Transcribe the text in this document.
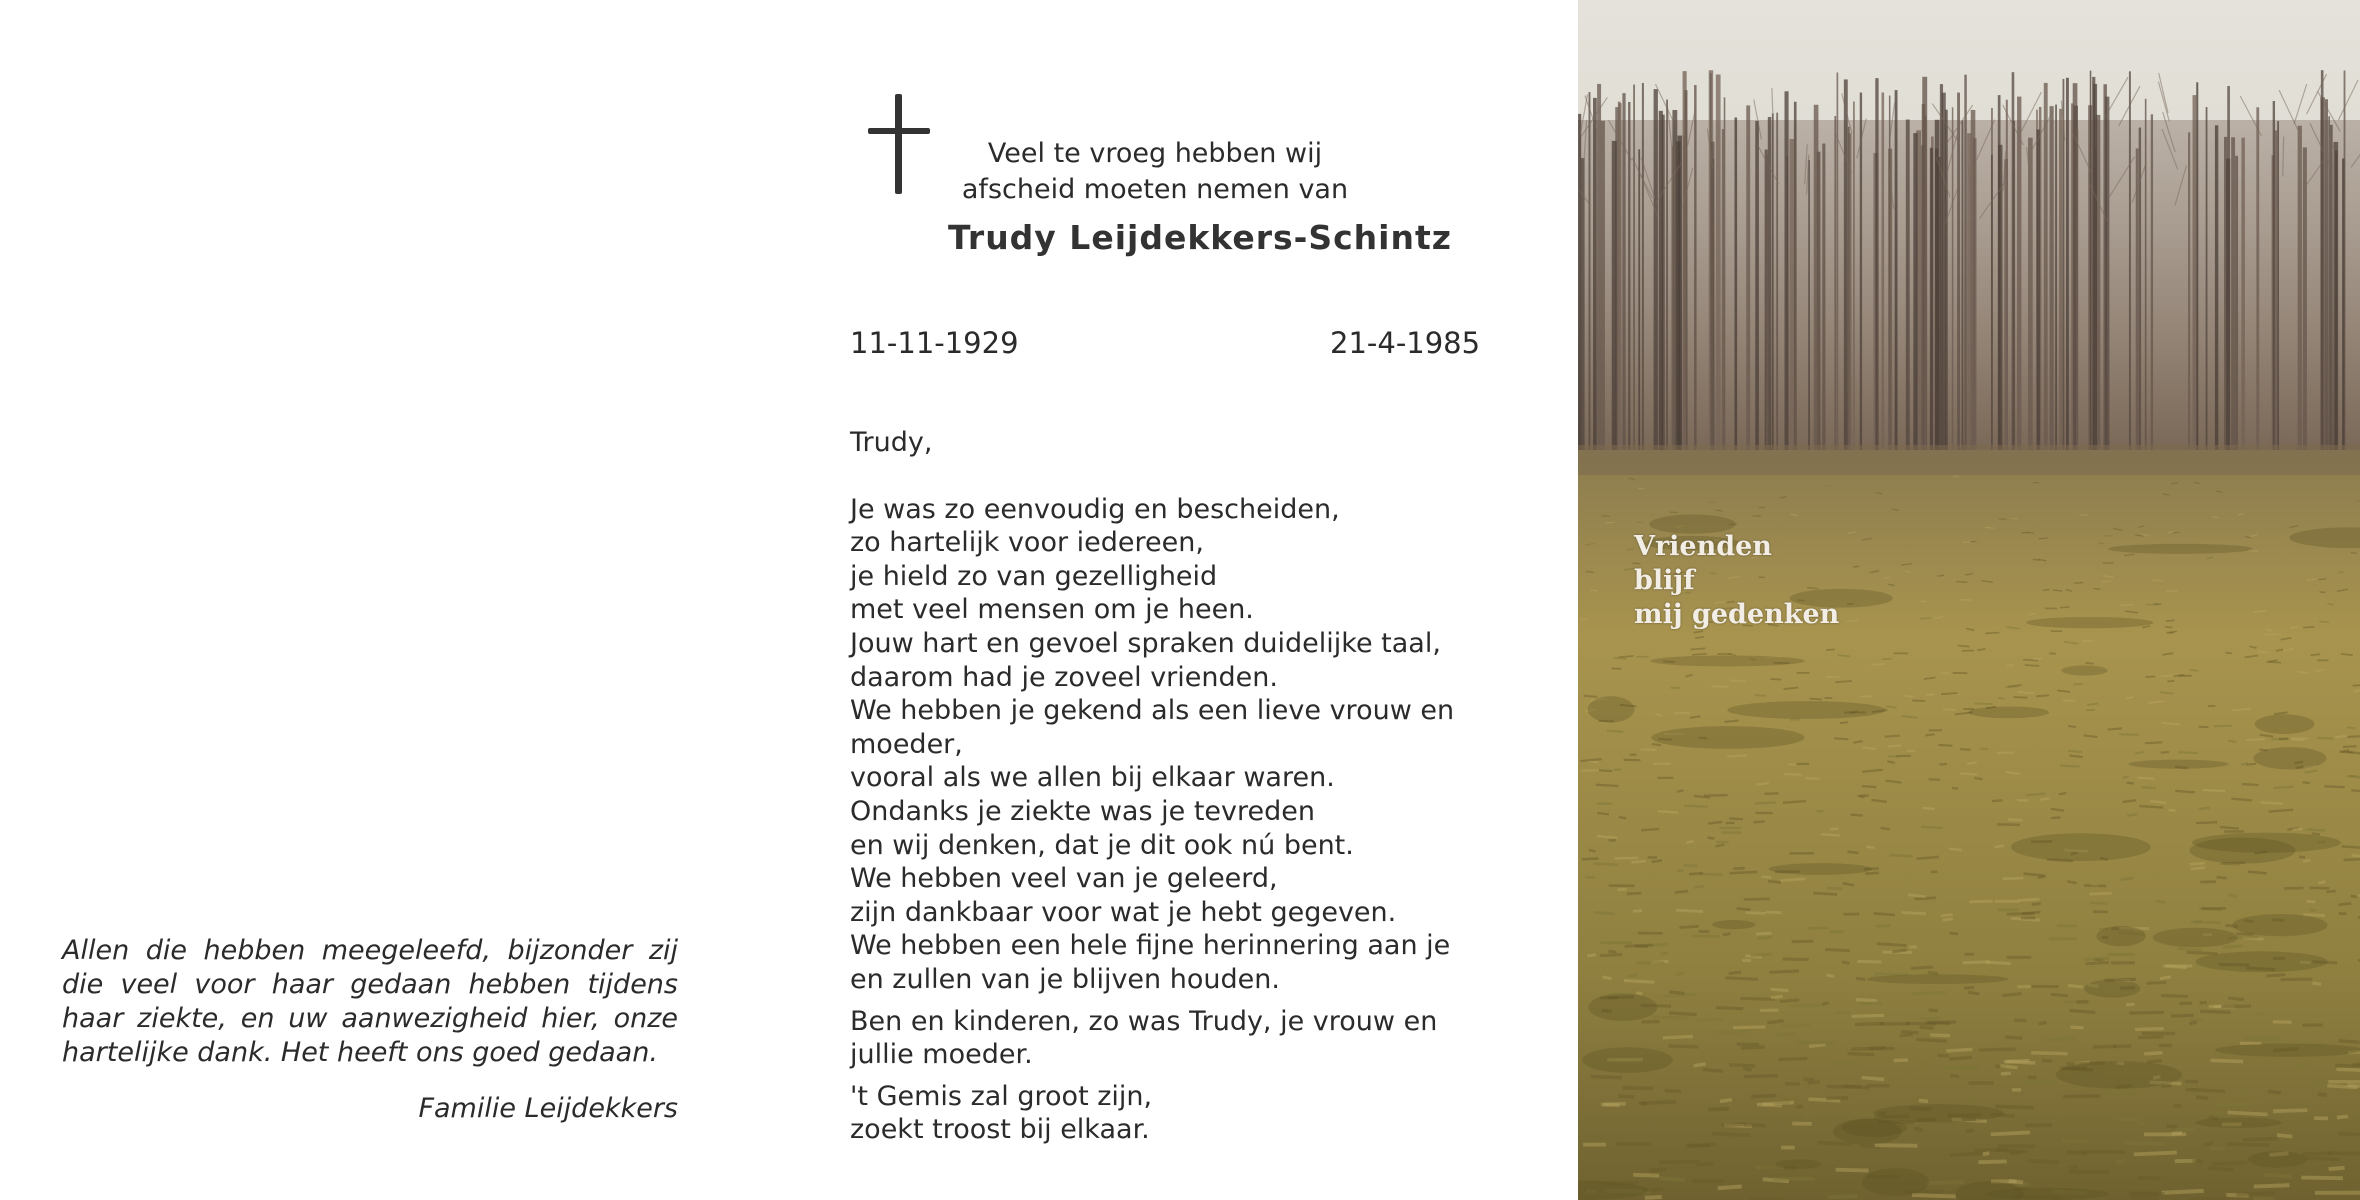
Allen die hebben meegeleefd, bijzonder zij
die veel voor haar gedaan hebben tijdens
haar ziekte, en uw aanwezigheid hier, onze
hartelijke dank. Het heeft ons goed gedaan.

Familie Leijdekkers
Veel te vroeg hebben wij
afscheid moeten nemen van
Trudy Leijdekkers-Schintz
11-11-1929	21-4-1985
Trudy,
Je was zo eenvoudig en bescheiden,
zo hartelijk voor iedereen,
je hield zo van gezelligheid
met veel mensen om je heen.
Jouw hart en gevoel spraken duidelijke taal,
daarom had je zoveel vrienden.
We hebben je gekend als een lieve vrouw en
moeder,
vooral als we allen bij elkaar waren.
Ondanks je ziekte was je tevreden
en wij denken, dat je dit ook nú bent.
We hebben veel van je geleerd,
zijn dankbaar voor wat je hebt gegeven.
We hebben een hele fijne herinnering aan je
en zullen van je blijven houden.
Ben en kinderen, zo was Trudy, je vrouw en
jullie moeder.
't Gemis zal groot zijn,
zoekt troost bij elkaar.
Vrienden
blijf
mij gedenken
